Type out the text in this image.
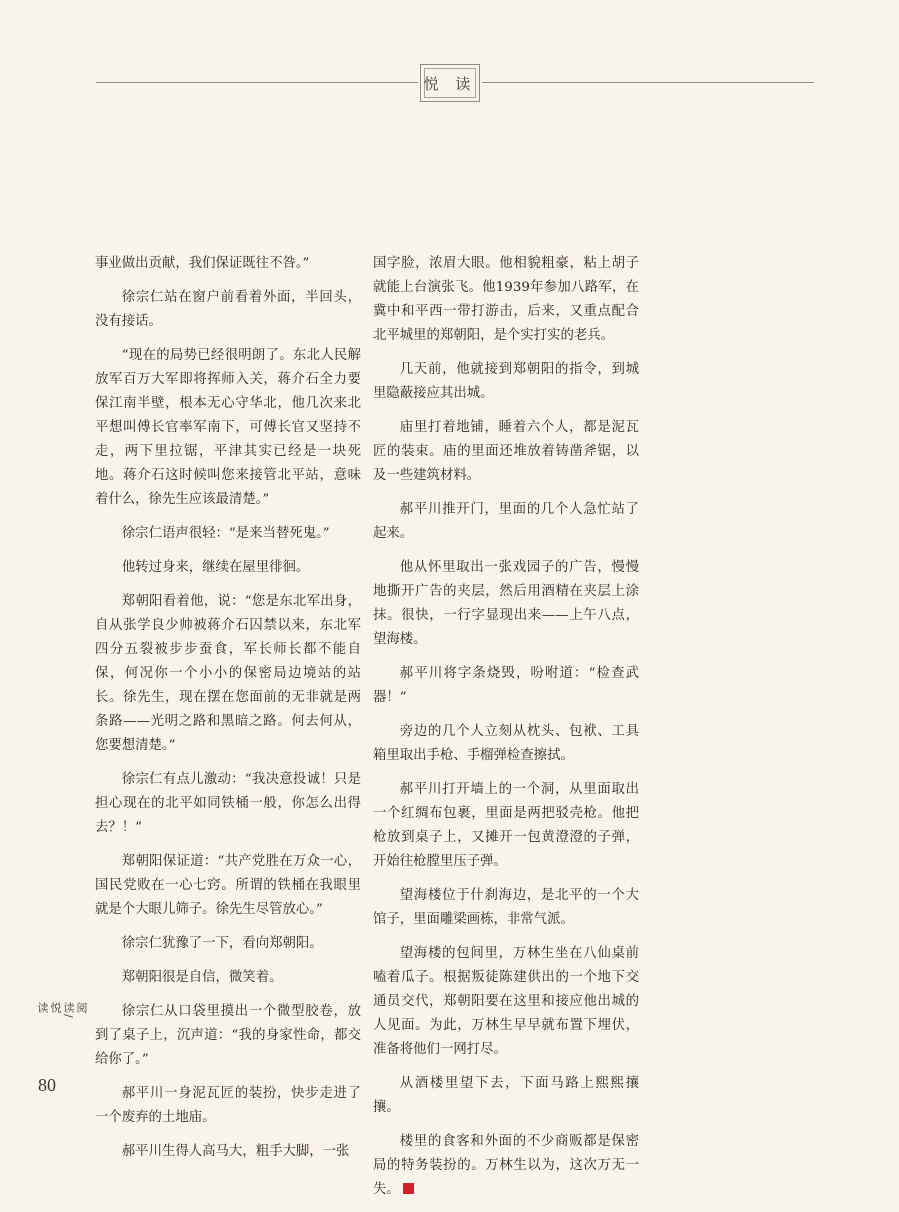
悦 读

事业做出贡献，我们保证既往不咎。”

徐宗仁站在窗户前看着外面，半回头，没有接话。

“现在的局势已经很明朗了。东北人民解放军百万大军即将挥师入关，蒋介石全力要保江南半壁，根本无心守华北，他几次来北平想叫傅长官率军南下，可傅长官又坚持不走，两下里拉锯，平津其实已经是一块死地。蒋介石这时候叫您来接管北平站，意味着什么，徐先生应该最清楚。”

徐宗仁语声很轻：“是来当替死鬼。”

他转过身来，继续在屋里徘徊。

郑朝阳看着他，说：“您是东北军出身，自从张学良少帅被蒋介石囚禁以来，东北军四分五裂被步步蚕食，军长师长都不能自保，何况你一个小小的保密局边境站的站长。徐先生，现在摆在您面前的无非就是两条路——光明之路和黑暗之路。何去何从，您要想清楚。”

徐宗仁有点儿激动：“我决意投诚！只是担心现在的北平如同铁桶一般，你怎么出得去？！”

郑朝阳保证道：“共产党胜在万众一心，国民党败在一心七窍。所谓的铁桶在我眼里就是个大眼儿筛子。徐先生尽管放心。”

徐宗仁犹豫了一下，看向郑朝阳。

郑朝阳很是自信，微笑着。

徐宗仁从口袋里摸出一个微型胶卷，放到了桌子上，沉声道：“我的身家性命，都交给你了。”

郝平川一身泥瓦匠的装扮，快步走进了一个废弃的土地庙。

郝平川生得人高马大，粗手大脚，一张

国字脸，浓眉大眼。他相貌粗豪，粘上胡子就能上台演张飞。他1939年参加八路军，在冀中和平西一带打游击，后来，又重点配合北平城里的郑朝阳，是个实打实的老兵。

几天前，他就接到郑朝阳的指令，到城里隐蔽接应其出城。

庙里打着地铺，睡着六个人，都是泥瓦匠的装束。庙的里面还堆放着铸凿斧锯，以及一些建筑材料。

郝平川推开门，里面的几个人急忙站了起来。

他从怀里取出一张戏园子的广告，慢慢地撕开广告的夹层，然后用酒精在夹层上涂抹。很快，一行字显现出来——上午八点，望海楼。

郝平川将字条烧毁，吩咐道：“检查武器！”

旁边的几个人立刻从枕头、包袱、工具箱里取出手枪、手榴弹检查擦拭。

郝平川打开墙上的一个洞，从里面取出一个红绸布包裹，里面是两把驳壳枪。他把枪放到桌子上，又摊开一包黄澄澄的子弹，开始往枪膛里压子弹。

望海楼位于什刹海边，是北平的一个大馆子，里面雕梁画栋，非常气派。

望海楼的包间里，万林生坐在八仙桌前嗑着瓜子。根据叛徒陈建供出的一个地下交通员交代，郑朝阳要在这里和接应他出城的人见面。为此，万林生早早就布置下埋伏，准备将他们一网打尽。

从酒楼里望下去，下面马路上熙熙攘攘。

楼里的食客和外面的不少商贩都是保密局的特务装扮的。万林生以为，这次万无一失。

阅读/悦读
80
